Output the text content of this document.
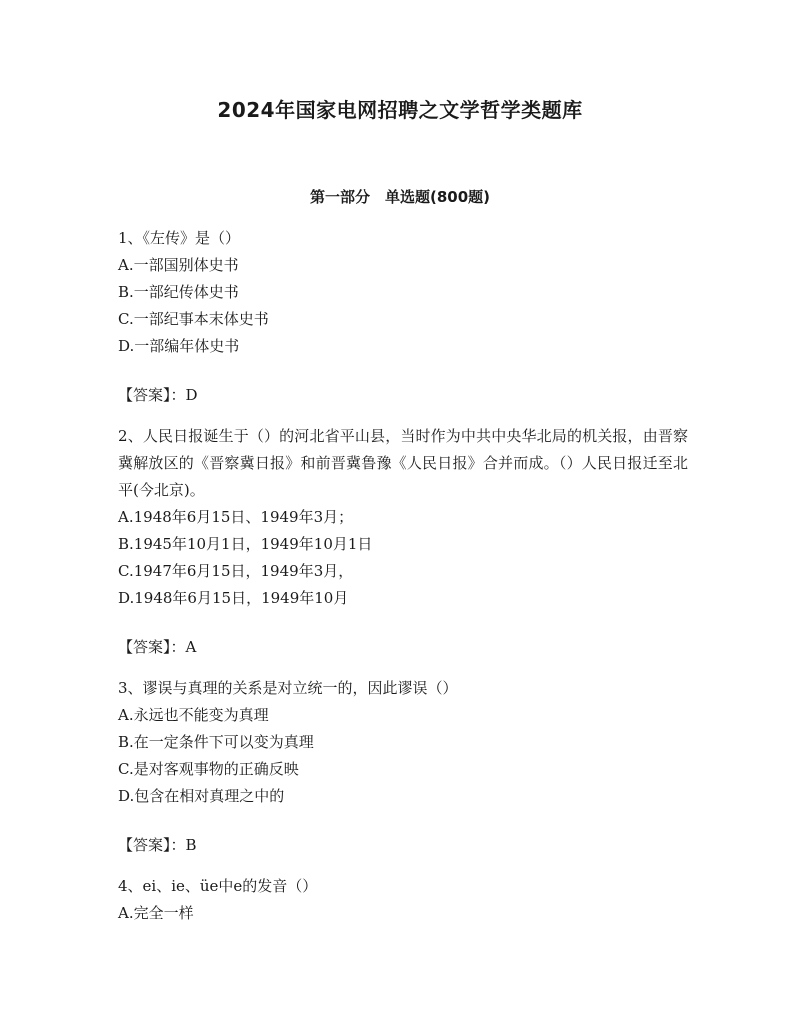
2024年国家电网招聘之文学哲学类题库
第一部分　单选题(800题)

1、《左传》是（）

A.一部国别体史书

B.一部纪传体史书

C.一部纪事本末体史书

D.一部编年体史书

【答案】：D

2、人民日报诞生于（）的河北省平山县，当时作为中共中央华北局的机关报，由晋察冀解放区的《晋察冀日报》和前晋冀鲁豫《人民日报》合并而成。（）人民日报迁至北平(今北京)。

A.1948年6月15日、1949年3月；

B.1945年10月1日，1949年10月1日

C.1947年6月15日，1949年3月，

D.1948年6月15日，1949年10月

【答案】：A

3、谬误与真理的关系是对立统一的，因此谬误（）

A.永远也不能变为真理

B.在一定条件下可以变为真理

C.是对客观事物的正确反映

D.包含在相对真理之中的

【答案】：B

4、ei、ie、üe中e的发音（）

A.完全一样
